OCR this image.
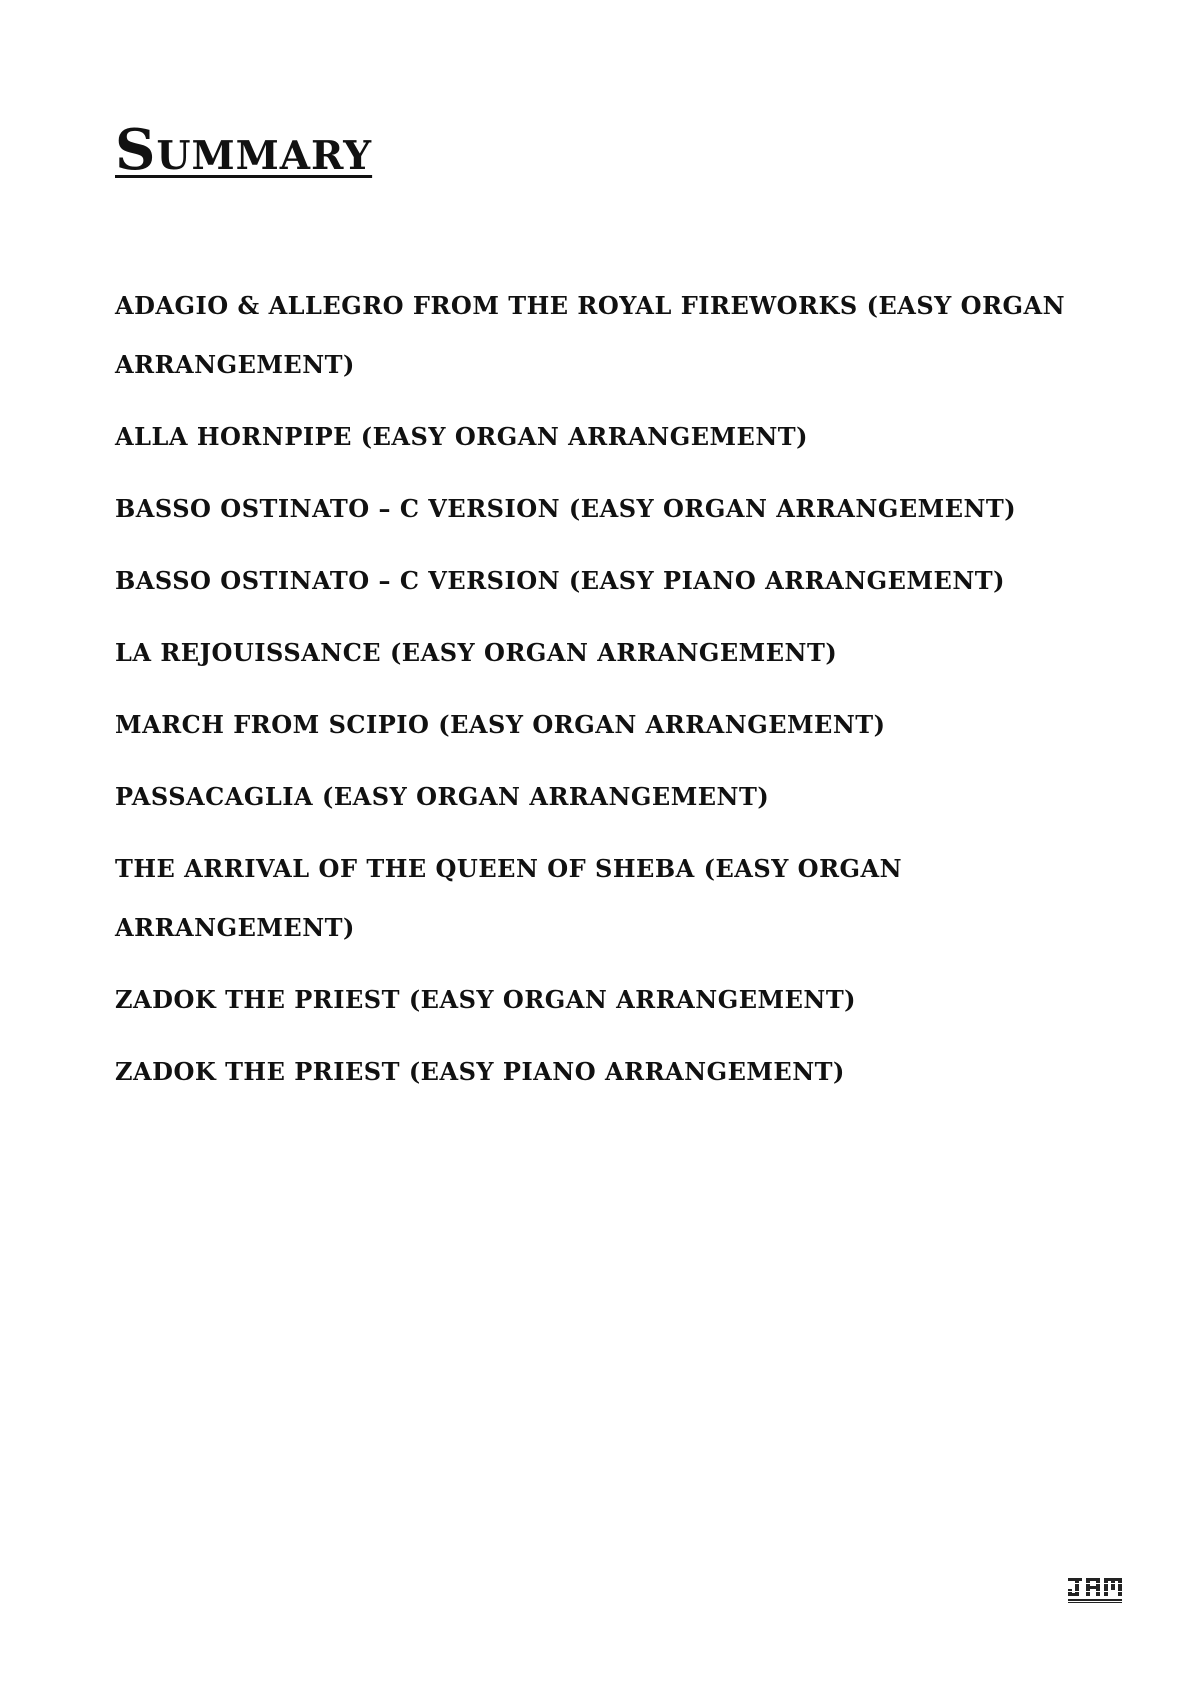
Summary
ADAGIO & ALLEGRO FROM THE ROYAL FIREWORKS (EASY ORGAN ARRANGEMENT)
ALLA HORNPIPE (EASY ORGAN ARRANGEMENT)
BASSO OSTINATO – C VERSION (EASY ORGAN ARRANGEMENT)
BASSO OSTINATO – C VERSION (EASY PIANO ARRANGEMENT)
LA REJOUISSANCE (EASY ORGAN ARRANGEMENT)
MARCH FROM SCIPIO (EASY ORGAN ARRANGEMENT)
PASSACAGLIA (EASY ORGAN ARRANGEMENT)
THE ARRIVAL OF THE QUEEN OF SHEBA (EASY ORGAN ARRANGEMENT)
ZADOK THE PRIEST (EASY ORGAN ARRANGEMENT)
ZADOK THE PRIEST (EASY PIANO ARRANGEMENT)
